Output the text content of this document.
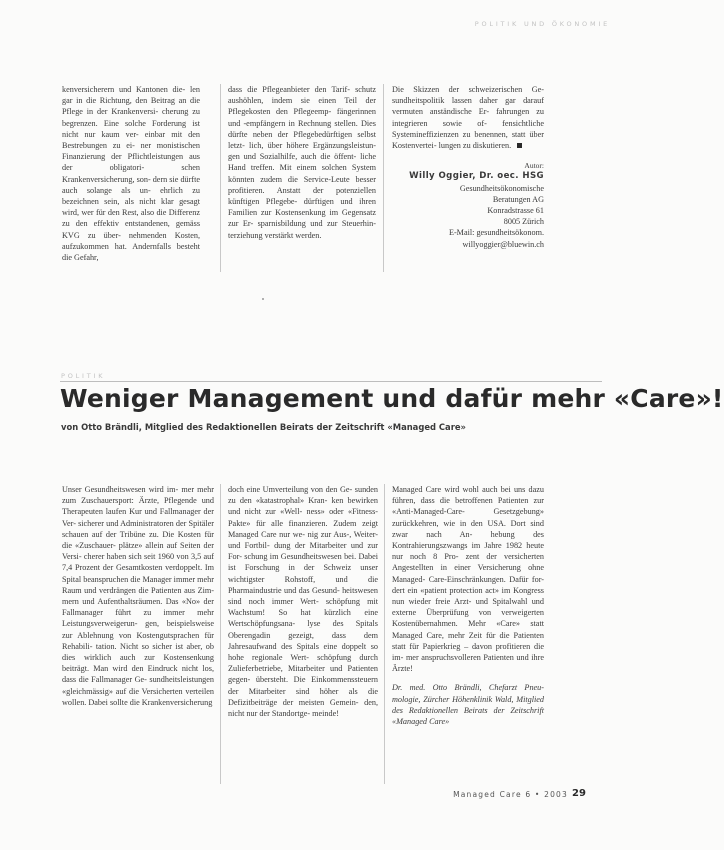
POLITIK UND ÖKONOMIE

kenversicherern und Kantonen die- len gar in die Richtung, den Beitrag an die Pflege in der Krankenversi- cherung zu begrenzen. Eine solche Forderung ist nicht nur kaum ver- einbar mit den Bestrebungen zu ei- ner monistischen Finanzierung der Pflichtleistungen aus der obligatori- schen Krankenversicherung, son- dern sie dürfte auch solange als un- ehrlich zu bezeichnen sein, als nicht klar gesagt wird, wer für den Rest, also die Differenz zu den effektiv entstandenen, gemäss KVG zu über- nehmenden Kosten, aufzukommen hat. Andernfalls besteht die Gefahr,

dass die Pflegeanbieter den Tarif- schutz aushöhlen, indem sie einen Teil der Pflegekosten den Pflegeemp- fängerinnen und -empfängern in Rechnung stellen. Dies dürfte neben der Pflegebedürftigen selbst letzt- lich, über höhere Ergänzungsleistun- gen und Sozialhilfe, auch die öffent- liche Hand treffen. Mit einem solchen System könnten zudem die Service-Leute besser profitieren. Anstatt der potenziellen künftigen Pflegebe- dürftigen und ihren Familien zur Kostensenkung im Gegensatz zur Er- sparnisbildung und zur Steuerhin- terziehung verstärkt werden.

Die Skizzen der schweizerischen Ge- sundheitspolitik lassen daher gar darauf vermuten anständische Er- fahrungen zu integrieren sowie of- fensichtliche Systemineffizienzen zu benennen, statt über Kostenvertei- lungen zu diskutieren.

Autor:
Willy Oggier, Dr. oec. HSG
Gesundheitsökonomische
Beratungen AG
Konradstrasse 61
8005 Zürich
E-Mail: gesundheitsökonom.
willyoggier@bluewin.ch
POLITIK
Weniger Management und dafür mehr «Care»!
von Otto Brändli, Mitglied des Redaktionellen Beirats der Zeitschrift «Managed Care»

Unser Gesundheitswesen wird im- mer mehr zum Zuschauersport: Ärzte, Pflegende und Therapeuten laufen Kur und Fallmanager der Ver- sicherer und Administratoren der Spitäler schauen auf der Tribüne zu. Die Kosten für die «Zuschauer- plätze» allein auf Seiten der Versi- cherer haben sich seit 1960 von 3,5 auf 7,4 Prozent der Gesamtkosten verdoppelt. Im Spital beanspruchen die Manager immer mehr Raum und verdrängen die Patienten aus Zim- mern und Aufenthaltsräumen. Das «No» der Fallmanager führt zu immer mehr Leistungsverweigerun- gen, beispielsweise zur Ablehnung von Kostengutsprachen für Rehabili- tation. Nicht so sicher ist aber, ob dies wirklich auch zur Kostensenkung beiträgt. Man wird den Eindruck nicht los, dass die Fallmanager Ge- sundheitsleistungen «gleichmässig» auf die Versicherten verteilen wollen. Dabei sollte die Krankenversicherung

doch eine Umverteilung von den Ge- sunden zu den «katastrophal» Kran- ken bewirken und nicht zur «Well- ness» oder «Fitness-Pakte» für alle finanzieren. Zudem zeigt Managed Care nur we- nig zur Aus-, Weiter- und Fortbil- dung der Mitarbeiter und zur For- schung im Gesundheitswesen bei. Dabei ist Forschung in der Schweiz unser wichtigster Rohstoff, und die Pharmaindustrie und das Gesund- heitswesen sind noch immer Wert- schöpfung mit Wachstum! So hat kürzlich eine Wertschöpfungsana- lyse des Spitals Oberengadin gezeigt, dass dem Jahresaufwand des Spitals eine doppelt so hohe regionale Wert- schöpfung durch Zulieferbetriebe, Mitarbeiter und Patienten gegen- übersteht. Die Einkommenssteuern der Mitarbeiter sind höher als die Defizitbeiträge der meisten Gemein- den, nicht nur der Standortge- meinde!

Managed Care wird wohl auch bei uns dazu führen, dass die betroffenen Patienten zur «Anti-Managed-Care- Gesetzgebung» zurückkehren, wie in den USA. Dort sind zwar nach An- hebung des Kontrahierungszwangs im Jahre 1982 heute nur noch 8 Pro- zent der versicherten Angestellten in einer Versicherung ohne Managed- Care-Einschränkungen. Dafür for- dert ein «patient protection act» im Kongress nun wieder freie Arzt- und Spitalwahl und externe Überprüfung von verweigerten Kostenübernahmen. Mehr «Care» statt Managed Care, mehr Zeit für die Patienten statt für Papierkrieg – davon profitieren die im- mer anspruchsvolleren Patienten und ihre Ärzte!

Dr. med. Otto Brändli, Chefarzt Pneu- mologie, Zürcher Höhenklinik Wald, Mitglied des Redaktionellen Beirats der Zeitschrift «Managed Care»

Managed Care 6 • 2003 29
